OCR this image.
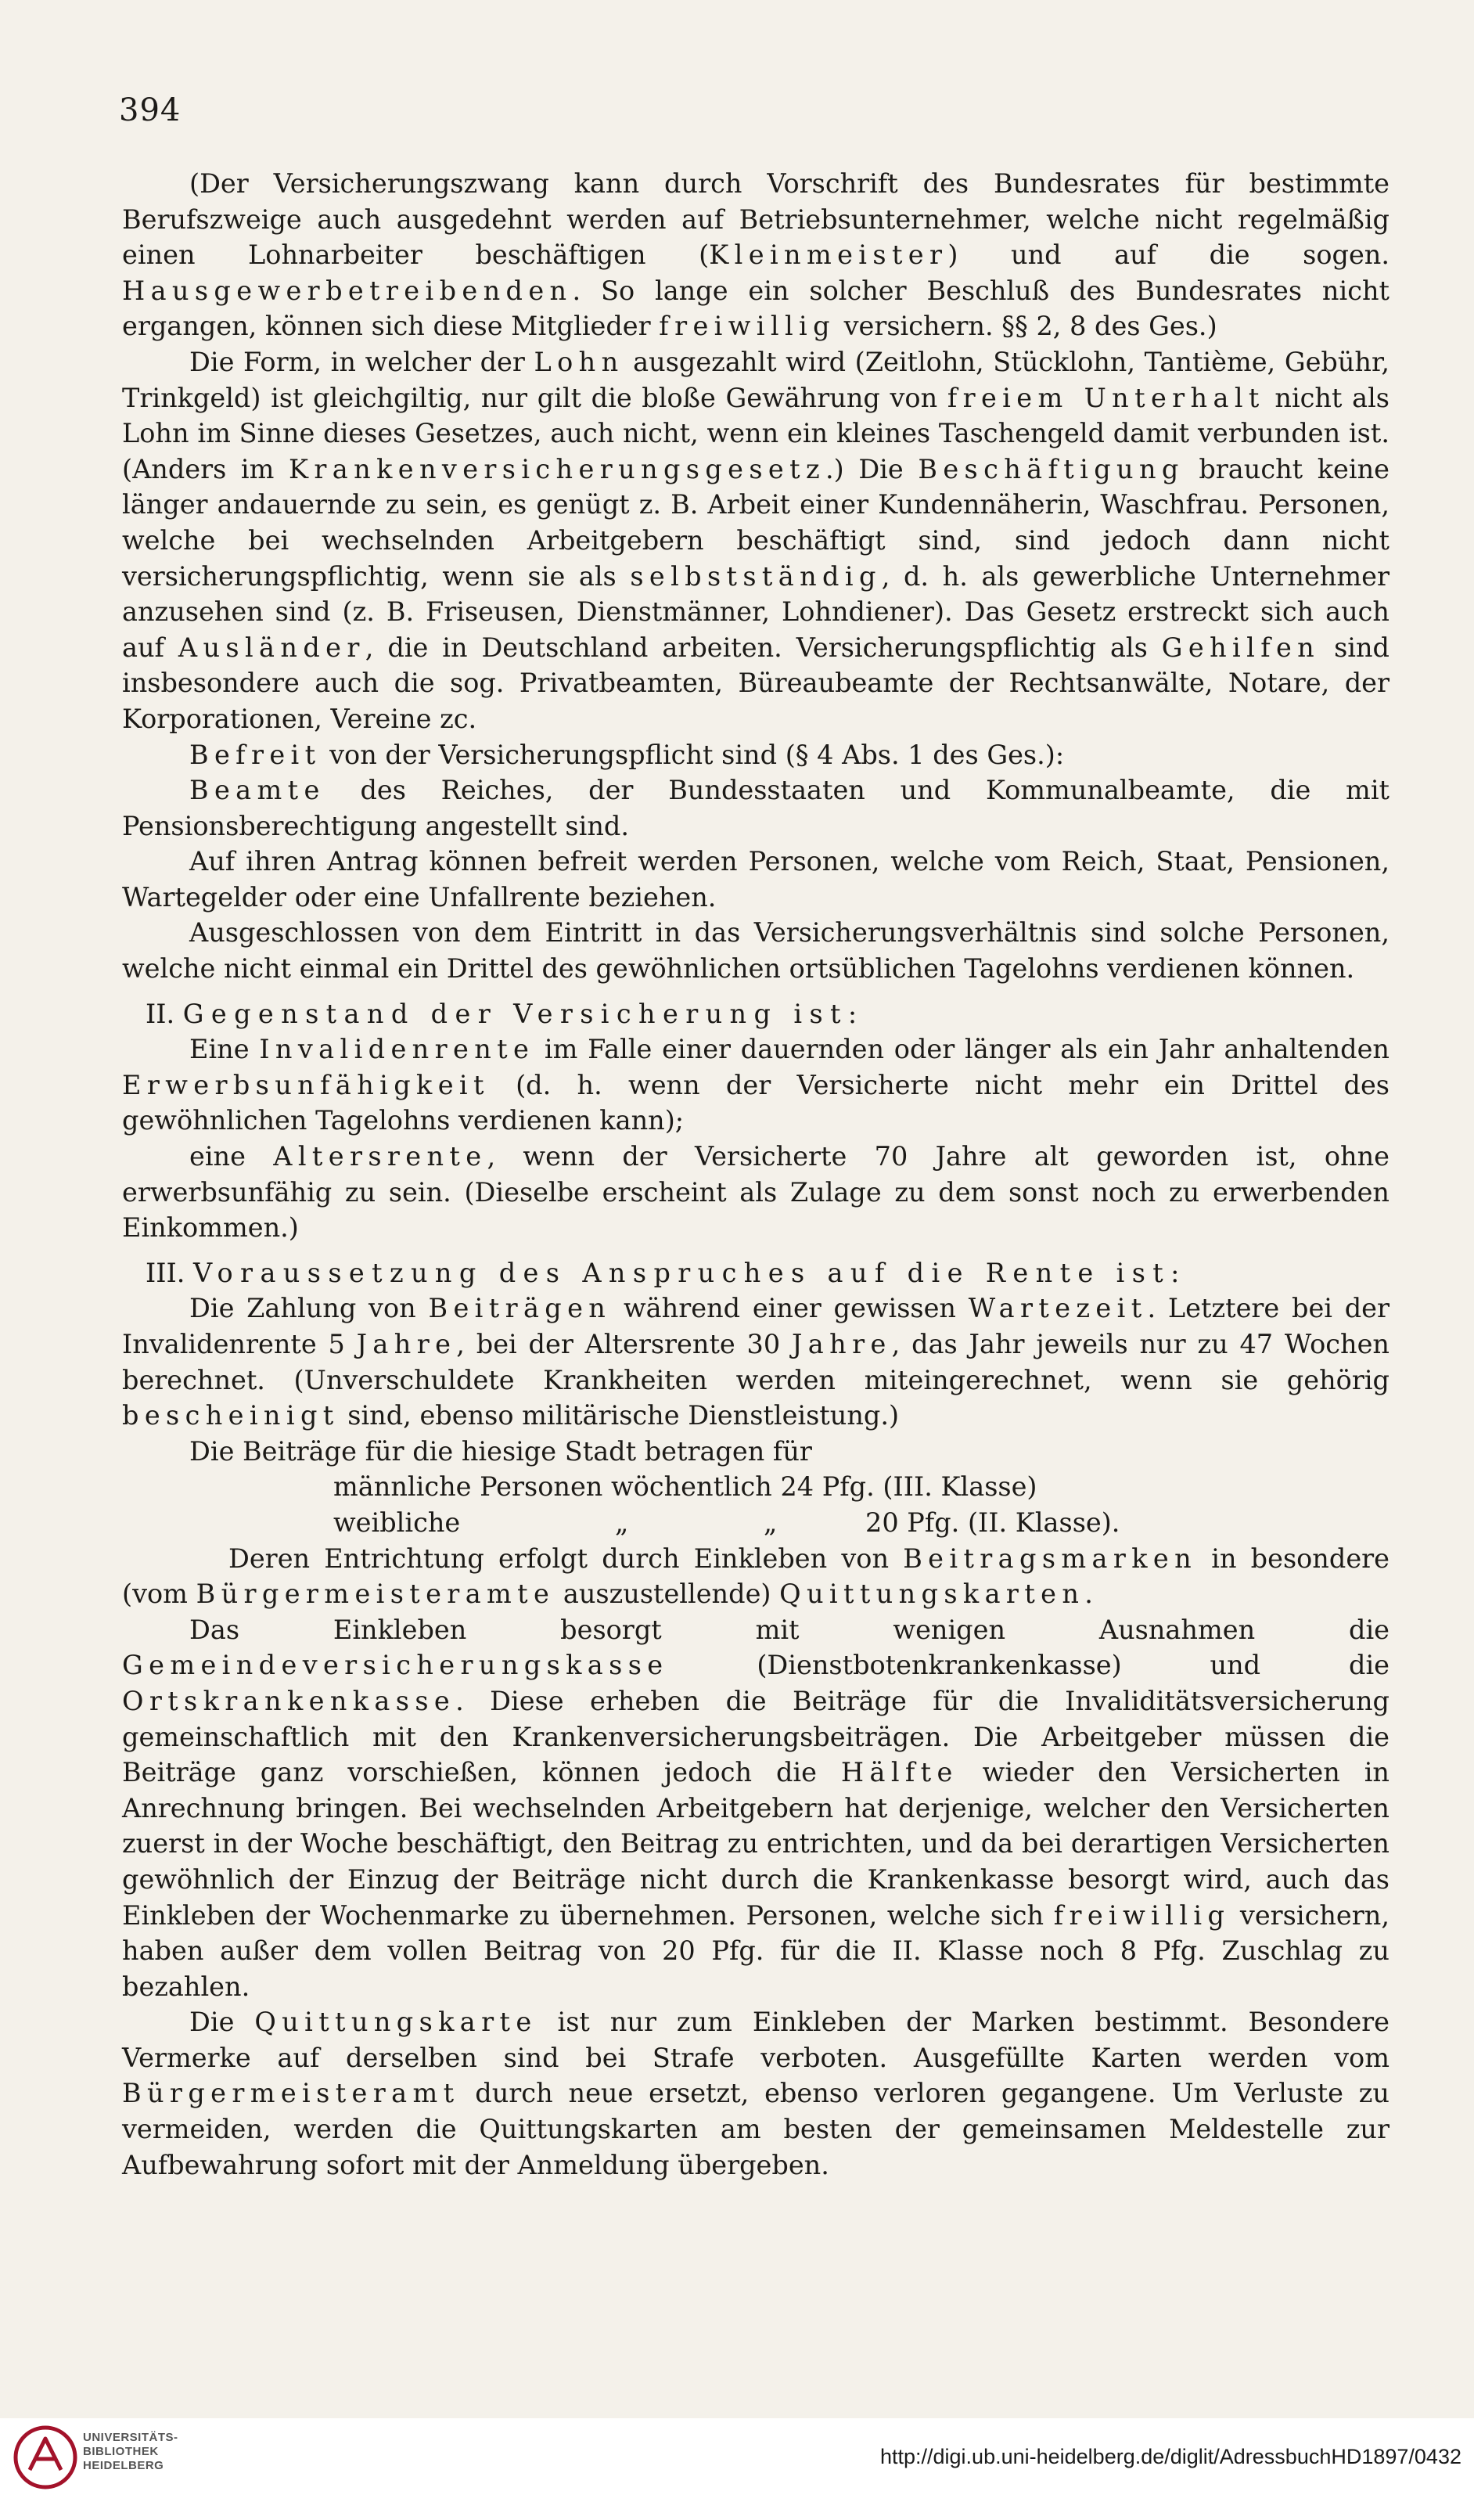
394

(Der Versicherungszwang kann durch Vorschrift des Bundesrates für bestimmte Berufszweige auch ausgedehnt werden auf Betriebsunternehmer, welche nicht regelmäßig einen Lohnarbeiter beschäftigen (Kleinmeister) und auf die sogen. Hausgewerbetreibenden. So lange ein solcher Beschluß des Bundesrates nicht ergangen, können sich diese Mitglieder freiwillig versichern. §§ 2, 8 des Ges.)

Die Form, in welcher der Lohn ausgezahlt wird (Zeitlohn, Stücklohn, Tantième, Gebühr, Trinkgeld) ist gleichgiltig, nur gilt die bloße Gewährung von freiem Unterhalt nicht als Lohn im Sinne dieses Gesetzes, auch nicht, wenn ein kleines Taschengeld damit verbunden ist. (Anders im Krankenversicherungsgesetz.) Die Beschäftigung braucht keine länger andauernde zu sein, es genügt z. B. Arbeit einer Kundennäherin, Waschfrau. Personen, welche bei wechselnden Arbeitgebern beschäftigt sind, sind jedoch dann nicht versicherungspflichtig, wenn sie als selbstständig, d. h. als gewerbliche Unternehmer anzusehen sind (z. B. Friseusen, Dienstmänner, Lohndiener). Das Gesetz erstreckt sich auch auf Ausländer, die in Deutschland arbeiten. Versicherungspflichtig als Gehilfen sind insbesondere auch die sog. Privatbeamten, Büreaubeamte der Rechtsanwälte, Notare, der Korporationen, Vereine zc.

Befreit von der Versicherungspflicht sind (§ 4 Abs. 1 des Ges.):

Beamte des Reiches, der Bundesstaaten und Kommunalbeamte, die mit Pensionsberechtigung angestellt sind.

Auf ihren Antrag können befreit werden Personen, welche vom Reich, Staat, Pensionen, Wartegelder oder eine Unfallrente beziehen.

Ausgeschlossen von dem Eintritt in das Versicherungsverhältnis sind solche Personen, welche nicht einmal ein Drittel des gewöhnlichen ortsüblichen Tagelohns verdienen können.

II. Gegenstand der Versicherung ist:

Eine Invalidenrente im Falle einer dauernden oder länger als ein Jahr anhaltenden Erwerbsunfähigkeit (d. h. wenn der Versicherte nicht mehr ein Drittel des gewöhnlichen Tagelohns verdienen kann);

eine Altersrente, wenn der Versicherte 70 Jahre alt geworden ist, ohne erwerbsunfähig zu sein. (Dieselbe erscheint als Zulage zu dem sonst noch zu erwerbenden Einkommen.)

III. Voraussetzung des Anspruches auf die Rente ist:

Die Zahlung von Beiträgen während einer gewissen Wartezeit. Letztere bei der Invalidenrente 5 Jahre, bei der Altersrente 30 Jahre, das Jahr jeweils nur zu 47 Wochen berechnet. (Unverschuldete Krankheiten werden miteingerechnet, wenn sie gehörig bescheinigt sind, ebenso militärische Dienstleistung.)

Die Beiträge für die hiesige Stadt betragen für

männliche Personen wöchentlich 24 Pfg. (III. Klasse)
weibliche	„	„	20 Pfg. (II. Klasse).

Deren Entrichtung erfolgt durch Einkleben von Beitragsmarken in besondere (vom Bürgermeisteramte auszustellende) Quittungskarten.

Das Einkleben besorgt mit wenigen Ausnahmen die Gemeindeversicherungskasse (Dienstbotenkrankenkasse) und die Ortskrankenkasse. Diese erheben die Beiträge für die Invaliditätsversicherung gemeinschaftlich mit den Krankenversicherungsbeiträgen. Die Arbeitgeber müssen die Beiträge ganz vorschießen, können jedoch die Hälfte wieder den Versicherten in Anrechnung bringen. Bei wechselnden Arbeitgebern hat derjenige, welcher den Versicherten zuerst in der Woche beschäftigt, den Beitrag zu entrichten, und da bei derartigen Versicherten gewöhnlich der Einzug der Beiträge nicht durch die Krankenkasse besorgt wird, auch das Einkleben der Wochenmarke zu übernehmen. Personen, welche sich freiwillig versichern, haben außer dem vollen Beitrag von 20 Pfg. für die II. Klasse noch 8 Pfg. Zuschlag zu bezahlen.

Die Quittungskarte ist nur zum Einkleben der Marken bestimmt. Besondere Vermerke auf derselben sind bei Strafe verboten. Ausgefüllte Karten werden vom Bürgermeisteramt durch neue ersetzt, ebenso verloren gegangene. Um Verluste zu vermeiden, werden die Quittungskarten am besten der gemeinsamen Meldestelle zur Aufbewahrung sofort mit der Anmeldung übergeben.

UNIVERSITÄTS-
BIBLIOTHEK
HEIDELBERG	http://digi.ub.uni-heidelberg.de/diglit/AdressbuchHD1897/0432
